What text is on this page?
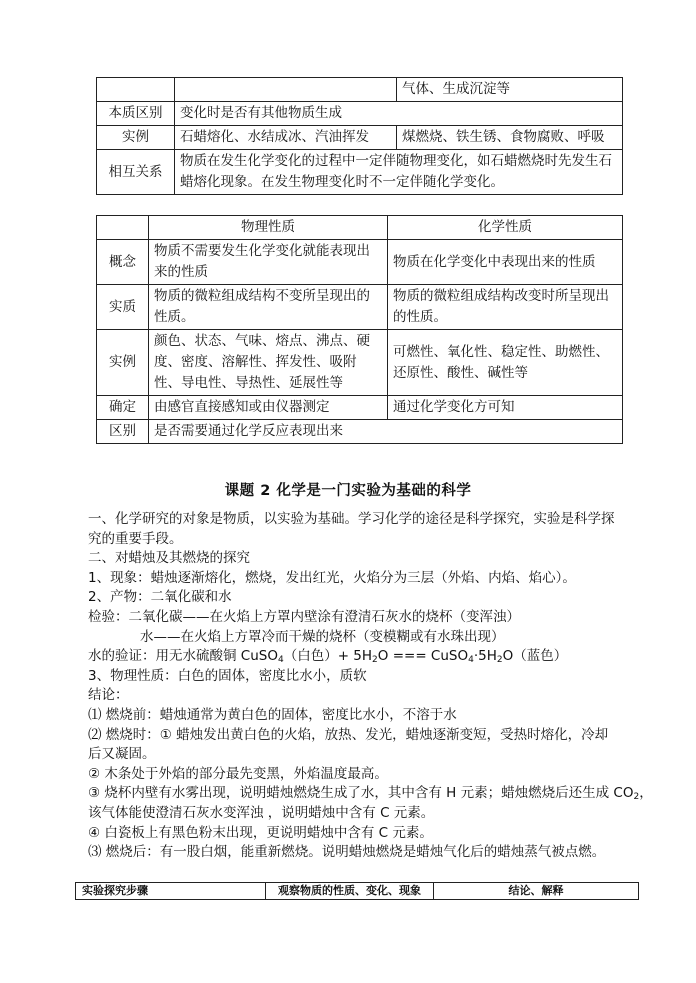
		气体、生成沉淀等
本质区别	变化时是否有其他物质生成	
实例	石蜡熔化、水结成冰、汽油挥发	煤燃烧、铁生锈、食物腐败、呼吸
相互关系	物质在发生化学变化的过程中一定伴随物理变化，如石蜡燃烧时先发生石蜡熔化现象。在发生物理变化时不一定伴随化学变化。	
	物理性质	化学性质
概念	物质不需要发生化学变化就能表现出来的性质	物质在化学变化中表现出来的性质
实质	物质的微粒组成结构不变所呈现出的性质。	物质的微粒组成结构改变时所呈现出的性质。
实例	颜色、状态、气味、熔点、沸点、硬度、密度、溶解性、挥发性、吸附性、导电性、导热性、延展性等	可燃性、氧化性、稳定性、助燃性、还原性、酸性、碱性等
确定	由感官直接感知或由仪器测定	通过化学变化方可知
区别	是否需要通过化学反应表现出来	
课题 2 化学是一门实验为基础的科学
一、化学研究的对象是物质，以实验为基础。学习化学的途径是科学探究，实验是科学探
究的重要手段。
二、对蜡烛及其燃烧的探究
1、现象：蜡烛逐渐熔化，燃烧，发出红光，火焰分为三层（外焰、内焰、焰心）。
2、产物：二氧化碳和水
检验：二氧化碳——在火焰上方罩内壁涂有澄清石灰水的烧杯（变浑浊）
水——在火焰上方罩冷而干燥的烧杯（变模糊或有水珠出现）
水的验证：用无水硫酸铜 CuSO$_4$（白色）+ $5H_2O$ === $CuSO_4\cdot 5H_2O$（蓝色）
3、物理性质：白色的固体，密度比水小，质软
结论：
⑴ 燃烧前：蜡烛通常为黄白色的固体，密度比水小，不溶于水
⑵ 燃烧时：① 蜡烛发出黄白色的火焰，放热、发光，蜡烛逐渐变短，受热时熔化，冷却
后又凝固。
② 木条处于外焰的部分最先变黑，外焰温度最高。
③ 烧杯内壁有水雾出现，说明蜡烛燃烧生成了水，其中含有 H 元素；蜡烛燃烧后还生成 $CO_2$，
该气体能使澄清石灰水变浑浊 ，说明蜡烛中含有 C 元素。
④ 白瓷板上有黑色粉末出现，更说明蜡烛中含有 C 元素。
⑶ 燃烧后：有一股白烟，能重新燃烧。说明蜡烛燃烧是蜡烛气化后的蜡烛蒸气被点燃。
实验探究步骤	观察物质的性质、变化、现象	结论、解释
